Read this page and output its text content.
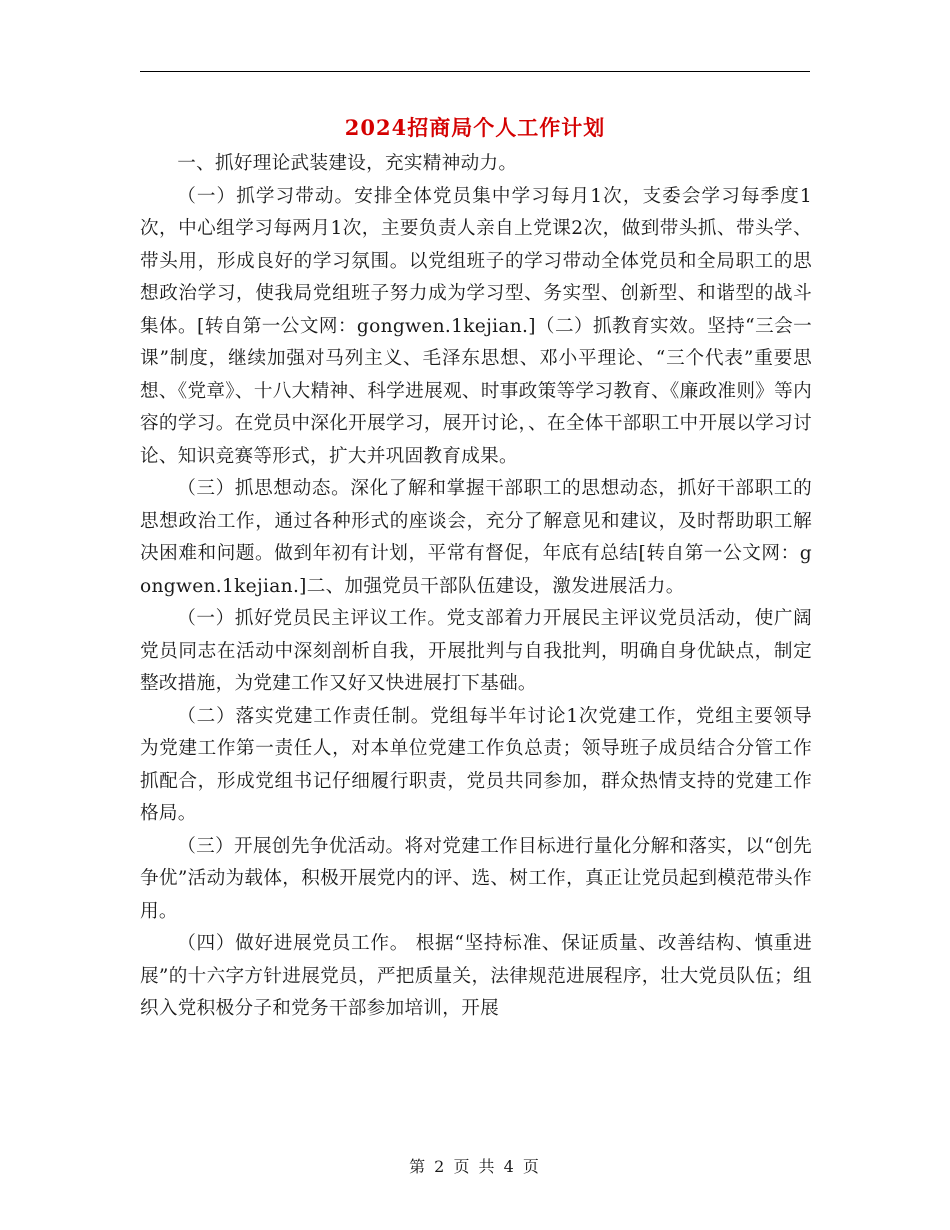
2024招商局个人工作计划

一、抓好理论武装建设，充实精神动力。

（一）抓学习带动。安排全体党员集中学习每月1次，支委会学习每季度1次，中心组学习每两月1次，主要负责人亲自上党课2次，做到带头抓、带头学、带头用，形成良好的学习氛围。以党组班子的学习带动全体党员和全局职工的思想政治学习，使我局党组班子努力成为学习型、务实型、创新型、和谐型的战斗集体。[转自第一公文网：gongwen.1kejian.]（二）抓教育实效。坚持“三会一课”制度，继续加强对马列主义、毛泽东思想、邓小平理论、“三个代表”重要思想、《党章》、十八大精神、科学进展观、时事政策等学习教育、《廉政准则》等内容的学习。在党员中深化开展学习，展开讨论，、在全体干部职工中开展以学习讨论、知识竞赛等形式，扩大并巩固教育成果。

（三）抓思想动态。深化了解和掌握干部职工的思想动态，抓好干部职工的思想政治工作，通过各种形式的座谈会，充分了解意见和建议，及时帮助职工解决困难和问题。做到年初有计划，平常有督促，年底有总结[转自第一公文网：gongwen.1kejian.]二、加强党员干部队伍建设，激发进展活力。

（一）抓好党员民主评议工作。党支部着力开展民主评议党员活动，使广阔党员同志在活动中深刻剖析自我，开展批判与自我批判，明确自身优缺点，制定整改措施，为党建工作又好又快进展打下基础。

（二）落实党建工作责任制。党组每半年讨论1次党建工作，党组主要领导为党建工作第一责任人，对本单位党建工作负总责；领导班子成员结合分管工作抓配合，形成党组书记仔细履行职责，党员共同参加，群众热情支持的党建工作格局。

（三）开展创先争优活动。将对党建工作目标进行量化分解和落实，以“创先争优”活动为载体，积极开展党内的评、选、树工作，真正让党员起到模范带头作用。

（四）做好进展党员工作。 根据“坚持标准、保证质量、改善结构、慎重进展”的十六字方针进展党员，严把质量关，法律规范进展程序，壮大党员队伍；组织入党积极分子和党务干部参加培训，开展

第 2 页 共 4 页
